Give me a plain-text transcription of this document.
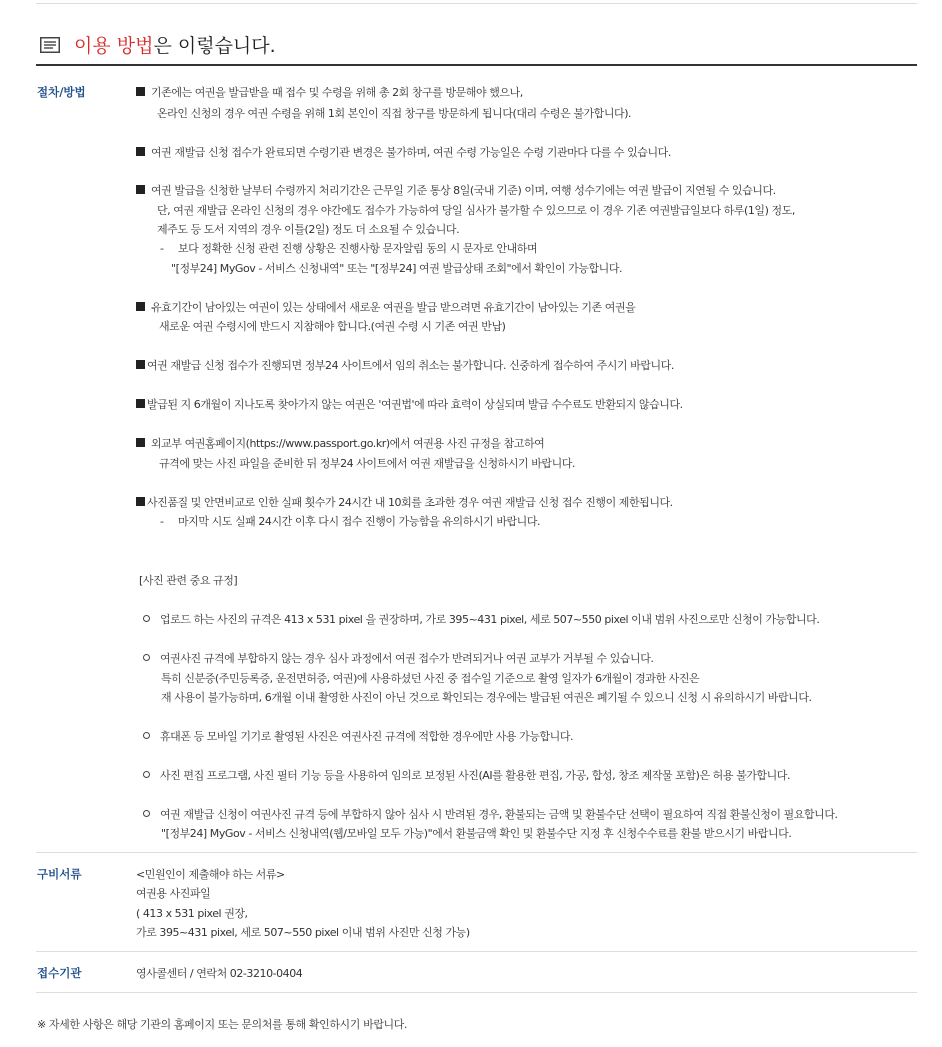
이용 방법은 이렇습니다.
절차/방법	기존에는 여권을 발급받을 때 접수 및 수령을 위해 총 2회 창구를 방문해야 했으나,
온라인 신청의 경우 여권 수령을 위해 1회 본인이 직접 창구를 방문하게 됩니다(대리 수령은 불가합니다).
여권 재발급 신청 접수가 완료되면 수령기관 변경은 불가하며, 여권 수령 가능일은 수령 기관마다 다를 수 있습니다.
여권 발급을 신청한 날부터 수령까지 처리기간은 근무일 기준 통상 8일(국내 기준) 이며, 여행 성수기에는 여권 발급이 지연될 수 있습니다.
단, 여권 재발급 온라인 신청의 경우 야간에도 접수가 가능하여 당일 심사가 불가할 수 있으므로 이 경우 기존 여권발급일보다 하루(1일) 정도,
제주도 등 도서 지역의 경우 이틀(2일) 정도 더 소요될 수 있습니다.
- 보다 정확한 신청 관련 진행 상황은 진행사항 문자알림 동의 시 문자로 안내하며
"[정부24] MyGov - 서비스 신청내역" 또는 "[정부24] 여권 발급상태 조회"에서 확인이 가능합니다.
유효기간이 남아있는 여권이 있는 상태에서 새로운 여권을 발급 받으려면 유효기간이 남아있는 기존 여권을
새로운 여권 수령시에 반드시 지참해야 합니다.(여권 수령 시 기존 여권 반납)
여권 재발급 신청 접수가 진행되면 정부24 사이트에서 임의 취소는 불가합니다. 신중하게 접수하여 주시기 바랍니다.
발급된 지 6개월이 지나도록 찾아가지 않는 여권은 '여권법'에 따라 효력이 상실되며 발급 수수료도 반환되지 않습니다.
외교부 여권홈페이지(https://www.passport.go.kr)에서 여권용 사진 규정을 참고하여
규격에 맞는 사진 파일을 준비한 뒤 정부24 사이트에서 여권 재발급을 신청하시기 바랍니다.
사진품질 및 안면비교로 인한 실패 횟수가 24시간 내 10회를 초과한 경우 여권 재발급 신청 접수 진행이 제한됩니다.
- 마지막 시도 실패 24시간 이후 다시 접수 진행이 가능함을 유의하시기 바랍니다.
[사진 관련 중요 규정]
업로드 하는 사진의 규격은 413 x 531 pixel 을 권장하며, 가로 395~431 pixel, 세로 507~550 pixel 이내 범위 사진으로만 신청이 가능합니다.
여권사진 규격에 부합하지 않는 경우 심사 과정에서 여권 접수가 반려되거나 여권 교부가 거부될 수 있습니다.
특히 신분증(주민등록증, 운전면허증, 여권)에 사용하셨던 사진 중 접수일 기준으로 촬영 일자가 6개월이 경과한 사진은
재 사용이 불가능하며, 6개월 이내 촬영한 사진이 아닌 것으로 확인되는 경우에는 발급된 여권은 폐기될 수 있으니 신청 시 유의하시기 바랍니다.
휴대폰 등 모바일 기기로 촬영된 사진은 여권사진 규격에 적합한 경우에만 사용 가능합니다.
사진 편집 프로그램, 사진 필터 기능 등을 사용하여 임의로 보정된 사진(AI를 활용한 편집, 가공, 합성, 창조 제작물 포함)은 허용 불가합니다.
여권 재발급 신청이 여권사진 규격 등에 부합하지 않아 심사 시 반려된 경우, 환불되는 금액 및 환불수단 선택이 필요하여 직접 환불신청이 필요합니다.
"[정부24] MyGov - 서비스 신청내역(웹/모바일 모두 가능)"에서 환불금액 확인 및 환불수단 지정 후 신청수수료를 환불 받으시기 바랍니다.
구비서류	<민원인이 제출해야 하는 서류>
여권용 사진파일
( 413 x 531 pixel 권장,
가로 395~431 pixel, 세로 507~550 pixel 이내 범위 사진만 신청 가능)
접수기관	영사콜센터 / 연락처 02-3210-0404
※ 자세한 사항은 해당 기관의 홈페이지 또는 문의처를 통해 확인하시기 바랍니다.
